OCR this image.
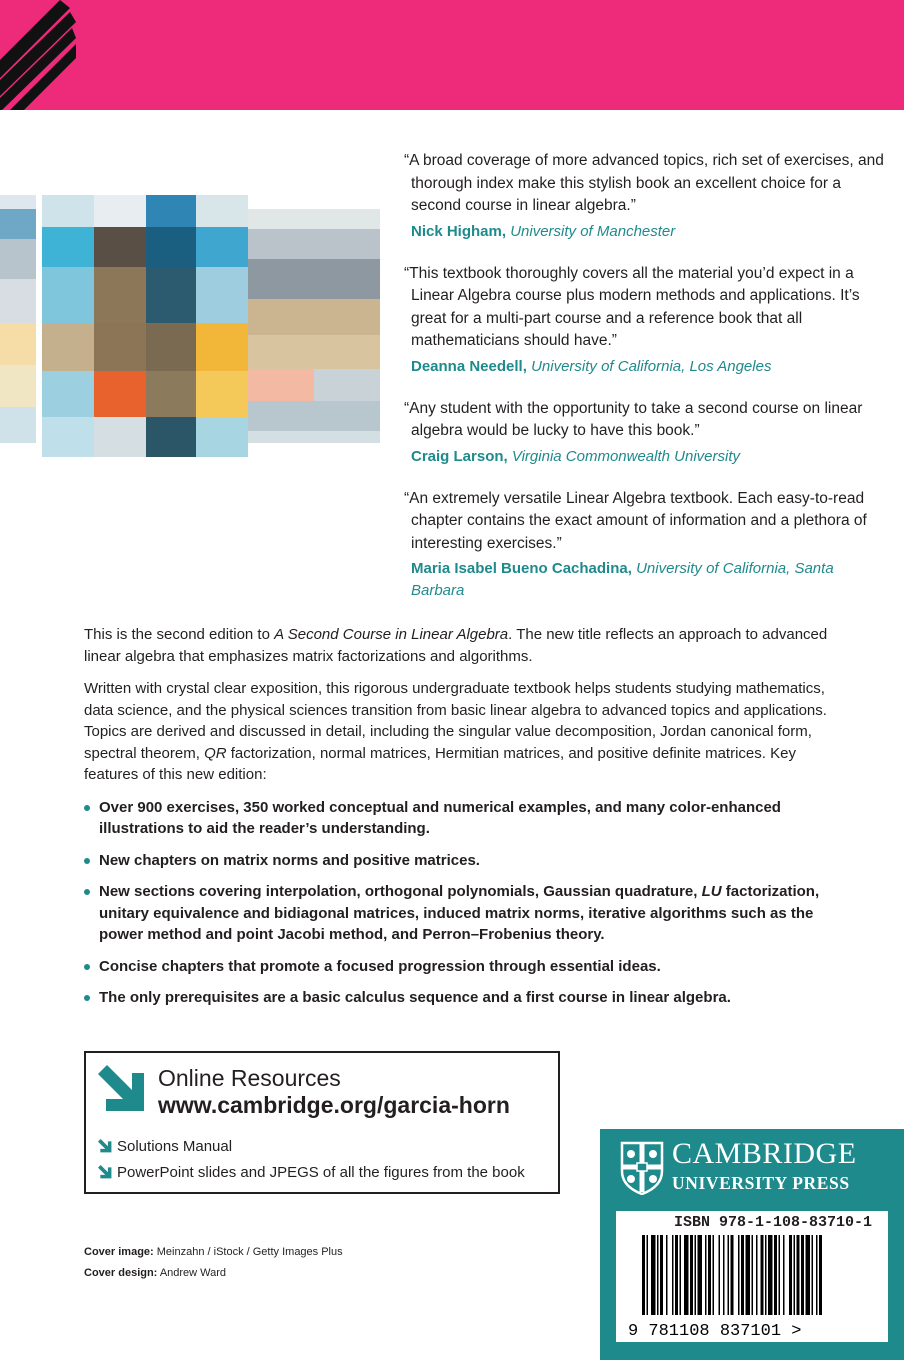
“A broad coverage of more advanced topics, rich set of exercises, and thorough index make this stylish book an excellent choice for a second course in linear algebra.”
Nick Higham, University of Manchester
“This textbook thoroughly covers all the material you’d expect in a Linear Algebra course plus modern methods and applications. It’s great for a multi-part course and a reference book that all mathematicians should have.”
Deanna Needell, University of California, Los Angeles
“Any student with the opportunity to take a second course on linear algebra would be lucky to have this book.”
Craig Larson, Virginia Commonwealth University
“An extremely versatile Linear Algebra textbook. Each easy-to-read chapter contains the exact amount of information and a plethora of interesting exercises.”
Maria Isabel Bueno Cachadina, University of California, Santa Barbara

This is the second edition to A Second Course in Linear Algebra. The new title reflects an approach to advanced linear algebra that emphasizes matrix factorizations and algorithms.

Written with crystal clear exposition, this rigorous undergraduate textbook helps students studying mathematics, data science, and the physical sciences transition from basic linear algebra to advanced topics and applications. Topics are derived and discussed in detail, including the singular value decomposition, Jordan canonical form, spectral theorem, QR factorization, normal matrices, Hermitian matrices, and positive definite matrices. Key features of this new edition:

Over 900 exercises, 350 worked conceptual and numerical examples, and many color-enhanced illustrations to aid the reader’s understanding.
New chapters on matrix norms and positive matrices.
New sections covering interpolation, orthogonal polynomials, Gaussian quadrature, LU factorization, unitary equivalence and bidiagonal matrices, induced matrix norms, iterative algorithms such as the power method and point Jacobi method, and Perron–Frobenius theory.
Concise chapters that promote a focused progression through essential ideas.
The only prerequisites are a basic calculus sequence and a first course in linear algebra.
Online Resources
www.cambridge.org/garcia-horn
Solutions Manual
PowerPoint slides and JPEGS of all the figures from the book
Cover image: Meinzahn / iStock / Getty Images Plus
Cover design: Andrew Ward
CAMBRIDGE
UNIVERSITY PRESS
ISBN 978-1-108-83710-1
9 781108 837101 >
